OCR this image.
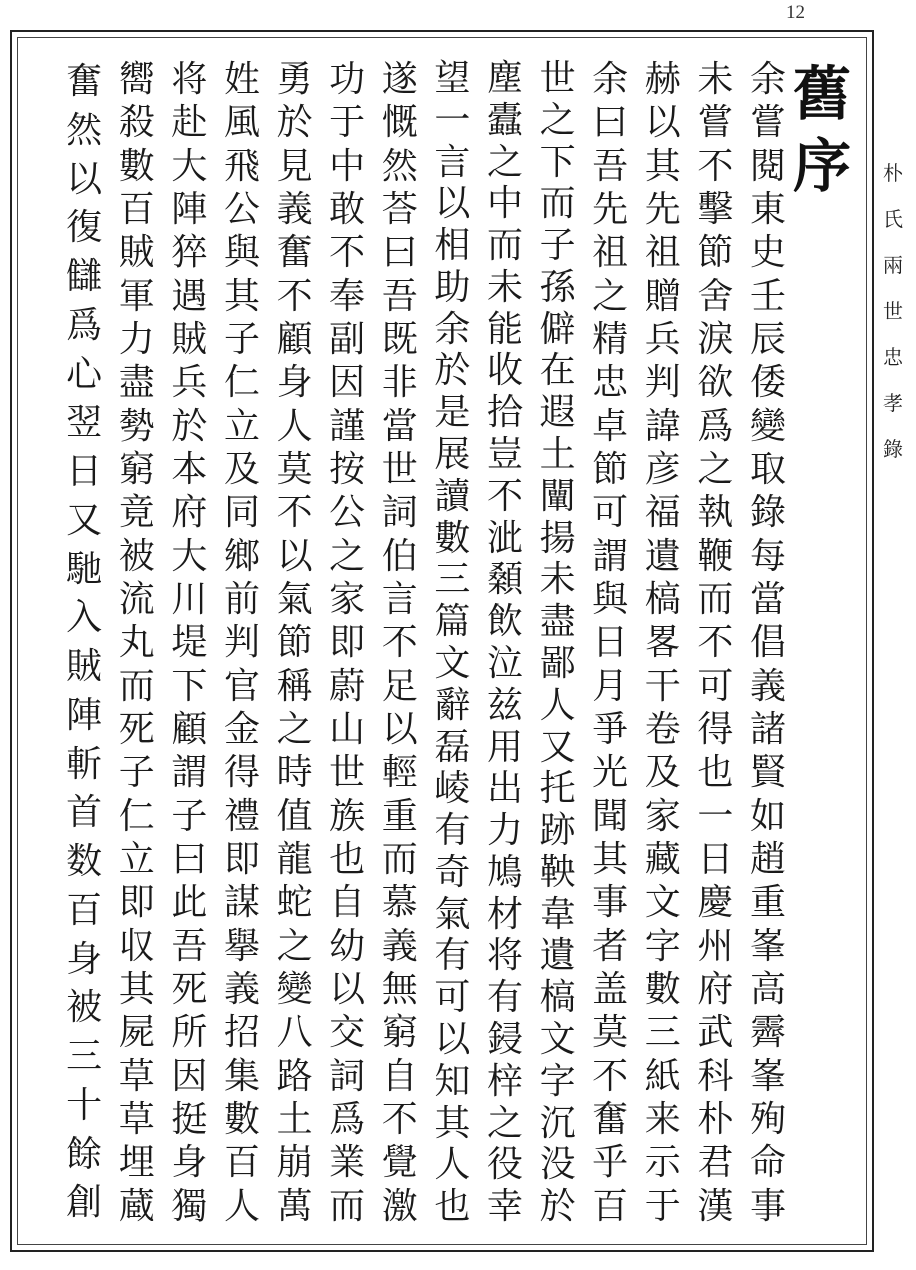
12
朴
氏
兩
世
忠
孝
錄
舊
序
余
嘗
閱
東
史
壬
辰
倭
變
取
錄
每
當
倡
義
諸
賢
如
趙
重
峯
高
霽
峯
殉
命
事
未
嘗
不
擊
節
舍
淚
欲
爲
之
執
鞭
而
不
可
得
也
一
日
慶
州
府
武
科
朴
君
漢
赫
以
其
先
祖
贈
兵
判
諱
彦
福
遺
槁
畧
干
卷
及
家
藏
文
字
數
三
紙
来
示
于
余
曰
吾
先
祖
之
精
忠
卓
節
可
謂
與
日
月
爭
光
聞
其
事
者
盖
莫
不
奮
乎
百
世
之
下
而
子
孫
僻
在
遐
土
闡
揚
未
盡
鄙
人
又
托
跡
鞅
韋
遺
槁
文
字
沉
没
於
塵
蠹
之
中
而
未
能
收
拾
豈
不
泚
顙
飲
泣
兹
用
出
力
鳩
材
将
有
鋟
梓
之
役
幸
望
一
言
以
相
助
余
於
是
展
讀
數
三
篇
文
辭
磊
崚
有
奇
氣
有
可
以
知
其
人
也
遂
慨
然
荅
曰
吾
既
非
當
世
詞
伯
言
不
足
以
輕
重
而
慕
義
無
窮
自
不
覺
激
功
于
中
敢
不
奉
副
因
謹
按
公
之
家
即
蔚
山
世
族
也
自
幼
以
交
詞
爲
業
而
勇
於
見
義
奮
不
顧
身
人
莫
不
以
氣
節
稱
之
時
值
龍
蛇
之
變
八
路
土
崩
萬
姓
風
飛
公
與
其
子
仁
立
及
同
鄉
前
判
官
金
得
禮
即
謀
擧
義
招
集
數
百
人
将
赴
大
陣
猝
遇
賊
兵
於
本
府
大
川
堤
下
顧
謂
子
曰
此
吾
死
所
因
挺
身
獨
嚮
殺
數
百
賊
軍
力
盡
勢
窮
竟
被
流
丸
而
死
子
仁
立
即
収
其
屍
草
草
埋
蔵
奮
然
以
復
讎
爲
心
翌
日
又
馳
入
賊
陣
斬
首
数
百
身
被
三
十
餘
創
